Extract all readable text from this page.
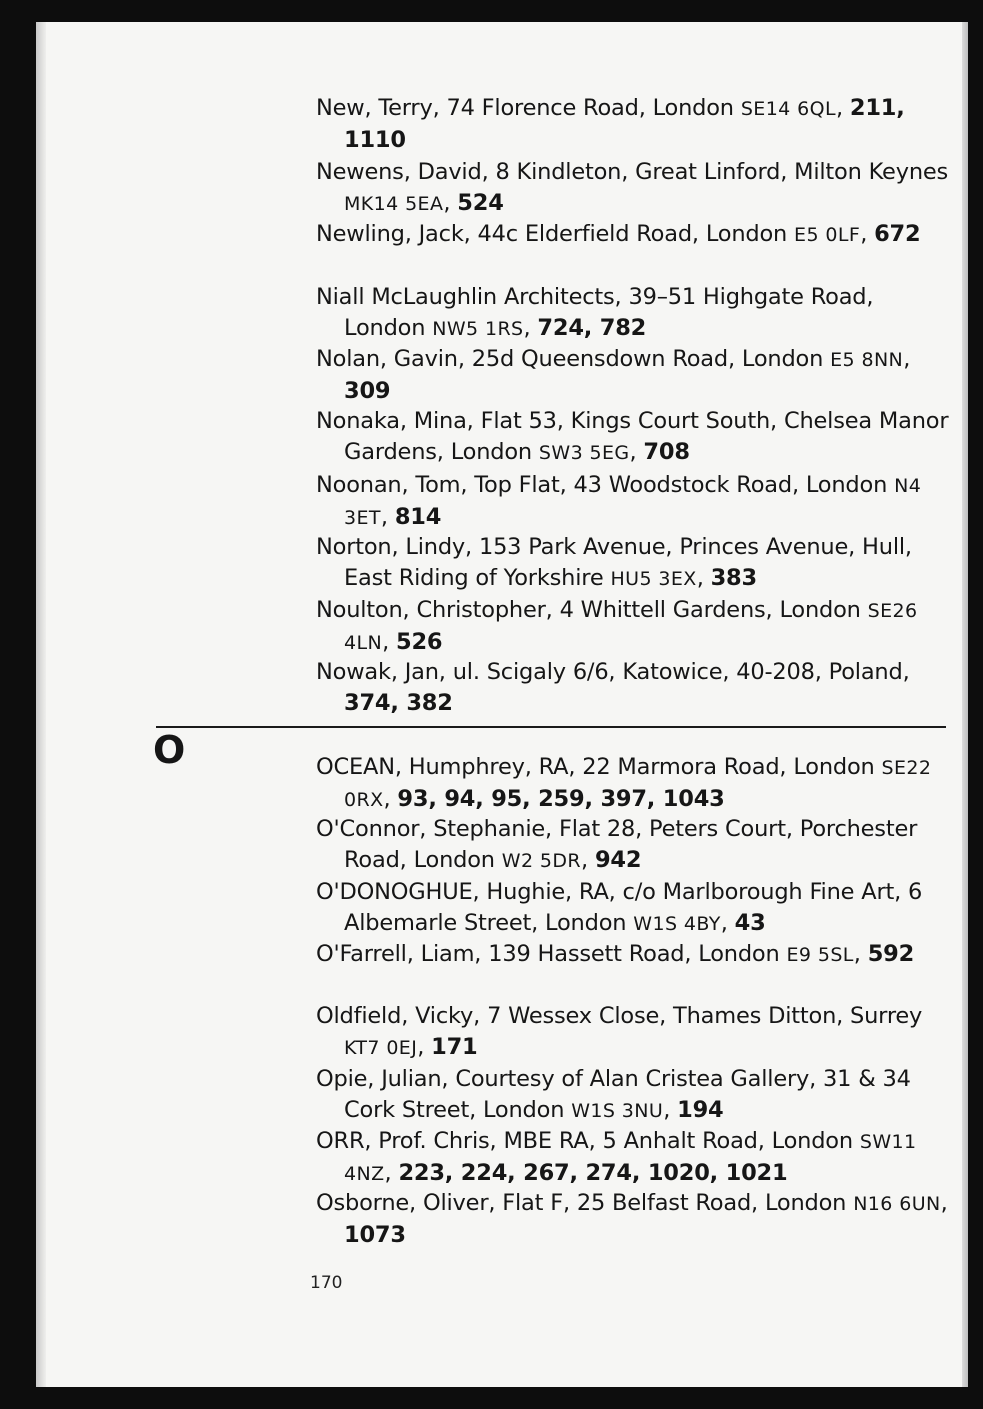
New, Terry, 74 Florence Road, London SE14 6QL, 211, 1110
Newens, David, 8 Kindleton, Great Linford, Milton Keynes MK14 5EA, 524
Newling, Jack, 44c Elderfield Road, London E5 0LF, 672
Niall McLaughlin Architects, 39–51 Highgate Road, London NW5 1RS, 724, 782
Nolan, Gavin, 25d Queensdown Road, London E5 8NN, 309
Nonaka, Mina, Flat 53, Kings Court South, Chelsea Manor Gardens, London SW3 5EG, 708
Noonan, Tom, Top Flat, 43 Woodstock Road, London N4 3ET, 814
Norton, Lindy, 153 Park Avenue, Princes Avenue, Hull, East Riding of Yorkshire HU5 3EX, 383
Noulton, Christopher, 4 Whittell Gardens, London SE26 4LN, 526
Nowak, Jan, ul. Scigaly 6/6, Katowice, 40-208, Poland, 374, 382
O	OCEAN, Humphrey, RA, 22 Marmora Road, London SE22 0RX, 93, 94, 95, 259, 397, 1043
O'Connor, Stephanie, Flat 28, Peters Court, Porchester Road, London W2 5DR, 942
O'DONOGHUE, Hughie, RA, c/o Marlborough Fine Art, 6 Albemarle Street, London W1S 4BY, 43
O'Farrell, Liam, 139 Hassett Road, London E9 5SL, 592
Oldfield, Vicky, 7 Wessex Close, Thames Ditton, Surrey KT7 0EJ, 171
Opie, Julian, Courtesy of Alan Cristea Gallery, 31 & 34 Cork Street, London W1S 3NU, 194
ORR, Prof. Chris, MBE RA, 5 Anhalt Road, London SW11 4NZ, 223, 224, 267, 274, 1020, 1021
Osborne, Oliver, Flat F, 25 Belfast Road, London N16 6UN, 1073
170
